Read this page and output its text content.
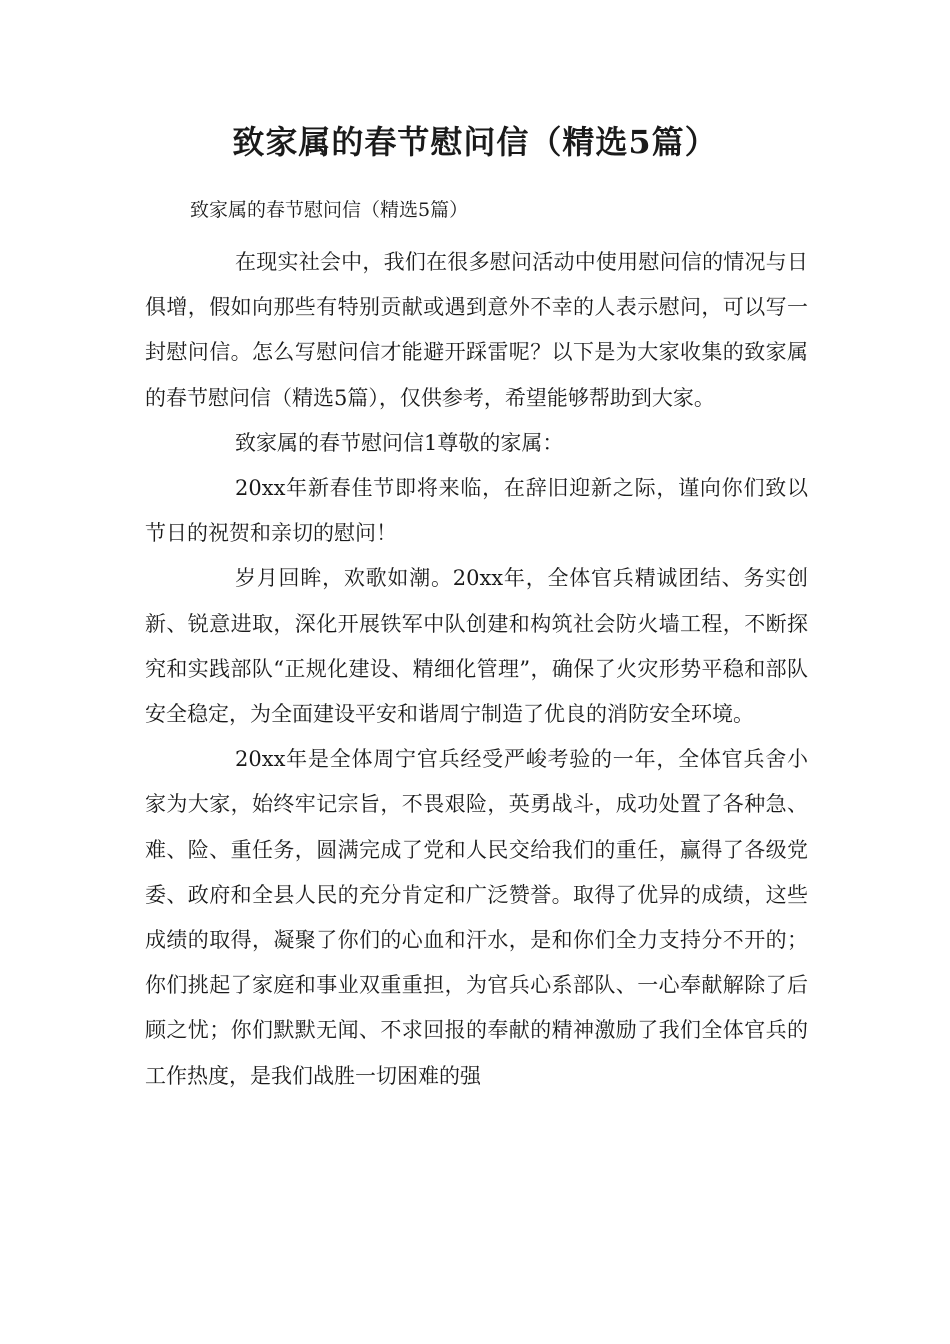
致家属的春节慰问信（精选5篇）

致家属的春节慰问信（精选5篇）

在现实社会中，我们在很多慰问活动中使用慰问信的情况与日俱增，假如向那些有特别贡献或遇到意外不幸的人表示慰问，可以写一封慰问信。怎么写慰问信才能避开踩雷呢？以下是为大家收集的致家属的春节慰问信（精选5篇），仅供参考，希望能够帮助到大家。

致家属的春节慰问信1尊敬的家属：

20xx年新春佳节即将来临，在辞旧迎新之际，谨向你们致以节日的祝贺和亲切的慰问！

岁月回眸，欢歌如潮。20xx年，全体官兵精诚团结、务实创新、锐意进取，深化开展铁军中队创建和构筑社会防火墙工程，不断探究和实践部队“正规化建设、精细化管理”，确保了火灾形势平稳和部队安全稳定，为全面建设平安和谐周宁制造了优良的消防安全环境。

20xx年是全体周宁官兵经受严峻考验的一年，全体官兵舍小家为大家，始终牢记宗旨，不畏艰险，英勇战斗，成功处置了各种急、难、险、重任务，圆满完成了党和人民交给我们的重任，赢得了各级党委、政府和全县人民的充分肯定和广泛赞誉。取得了优异的成绩，这些成绩的取得，凝聚了你们的心血和汗水，是和你们全力支持分不开的；你们挑起了家庭和事业双重重担，为官兵心系部队、一心奉献解除了后顾之忧；你们默默无闻、不求回报的奉献的精神激励了我们全体官兵的工作热度，是我们战胜一切困难的强
